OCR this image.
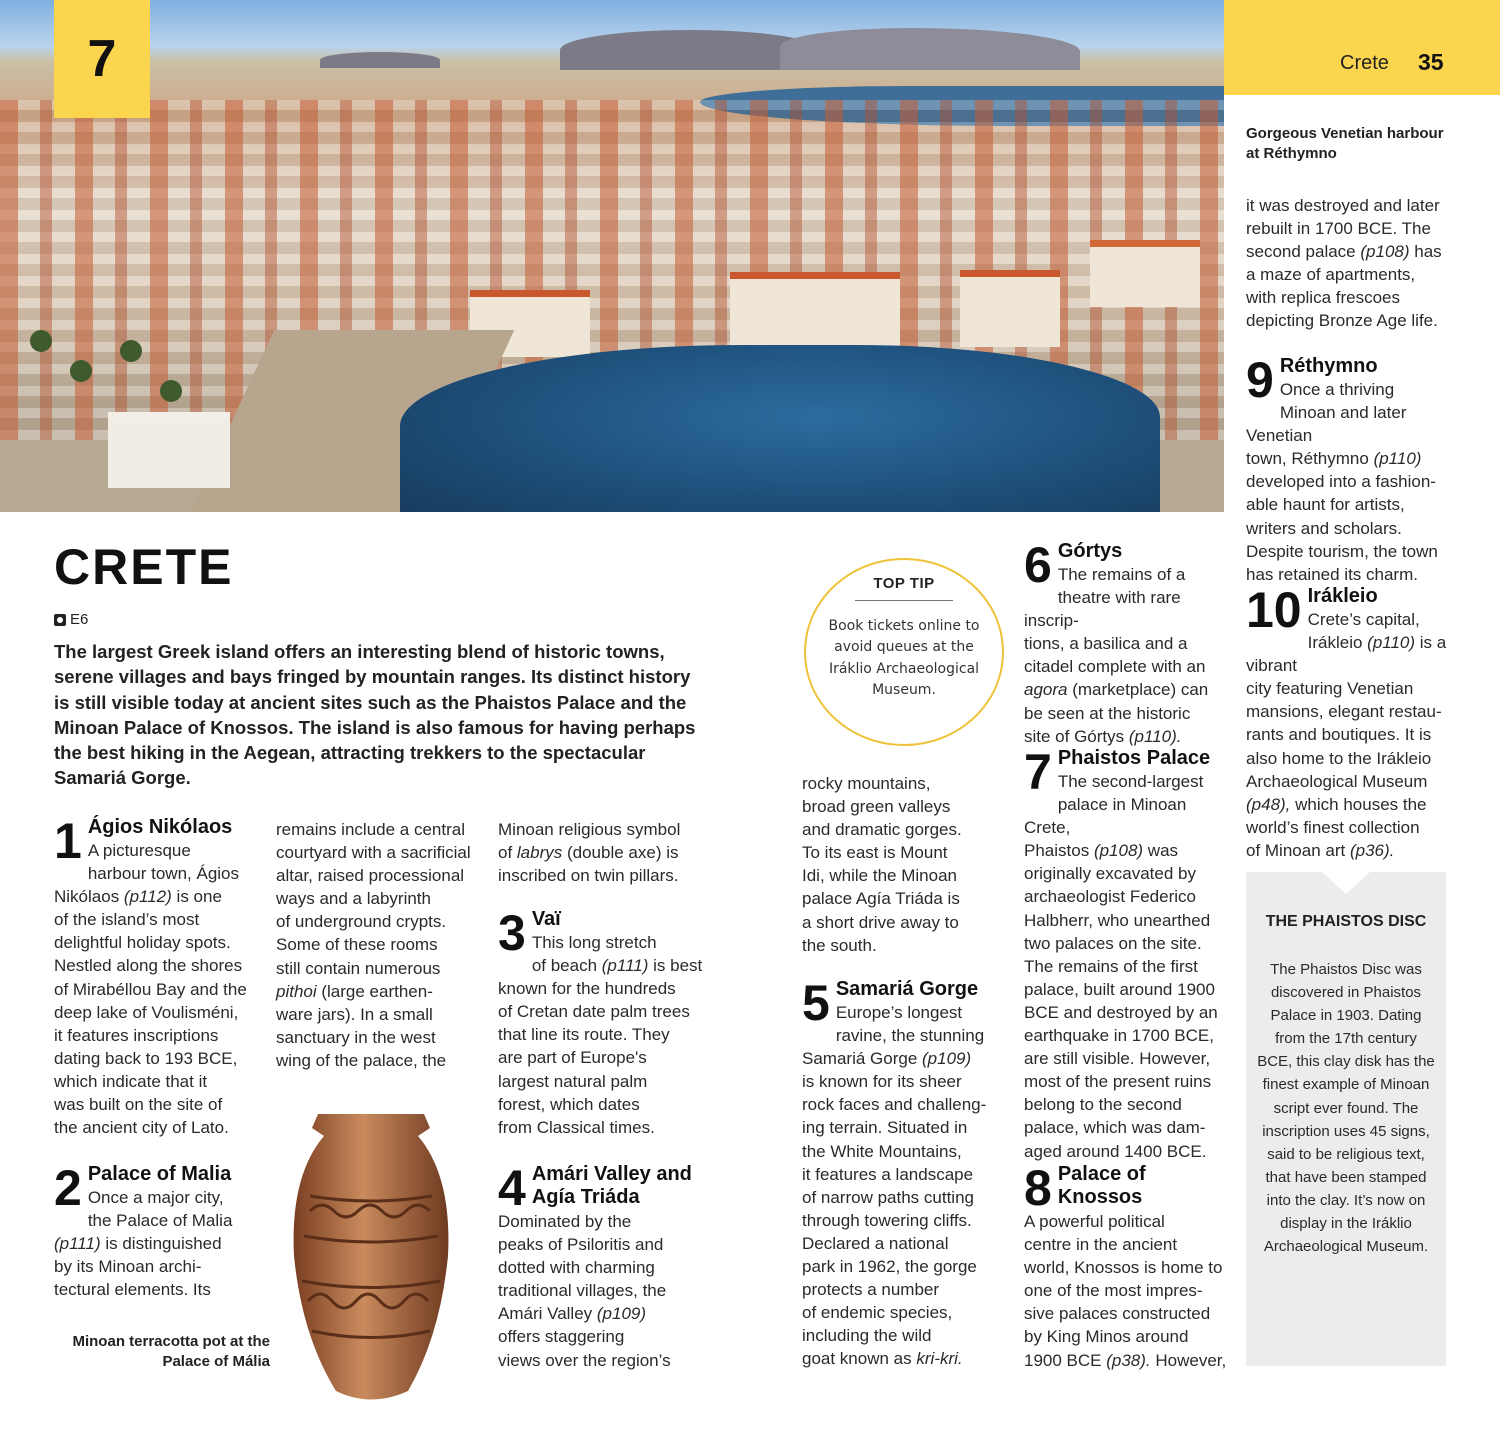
7	Crete 35
Gorgeous Venetian harbour at Réthymno
CRETE
E6
The largest Greek island offers an interesting blend of historic towns, serene villages and bays fringed by mountain ranges. Its distinct history is still visible today at ancient sites such as the Phaistos Palace and the Minoan Palace of Knossos. The island is also famous for having perhaps the best hiking in the Aegean, attracting trekkers to the spectacular Samariá Gorge.
1 Ágios Nikólaos
A picturesque
harbour town, Ágios
Nikólaos (p112) is one
of the island’s most
delightful holiday spots.
Nestled along the shores
of Mirabéllou Bay and the
deep lake of Voulisméni,
it features inscriptions
dating back to 193 BCE,
which indicate that it
was built on the site of
the ancient city of Lato.
2 Palace of Malia
Once a major city,
the Palace of Malia
(p111) is distinguished
by its Minoan archi-
tectural elements. Its
Minoan terracotta pot at the Palace of Mália
remains include a central
courtyard with a sacrificial
altar, raised processional
ways and a labyrinth
of underground crypts.
Some of these rooms
still contain numerous
pithoi (large earthen-
ware jars). In a small
sanctuary in the west
wing of the palace, the
Minoan religious symbol
of labrys (double axe) is
inscribed on twin pillars.
3 Vaï
This long stretch
of beach (p111) is best
known for the hundreds
of Cretan date palm trees
that line its route. They
are part of Europe's
largest natural palm
forest, which dates
from Classical times.
4 Amári Valley and Agía Triáda
Dominated by the
peaks of Psiloritis and
dotted with charming
traditional villages, the
Amári Valley (p109)
offers staggering
views over the region’s
TOP TIP
Book tickets online to avoid queues at the Iráklio Archaeological Museum.
rocky mountains,
broad green valleys
and dramatic gorges.
To its east is Mount
Idi, while the Minoan
palace Agía Triáda is
a short drive away to
the south.
5 Samariá Gorge
Europe’s longest
ravine, the stunning
Samariá Gorge (p109)
is known for its sheer
rock faces and challeng-
ing terrain. Situated in
the White Mountains,
it features a landscape
of narrow paths cutting
through towering cliffs.
Declared a national
park in 1962, the gorge
protects a number
of endemic species,
including the wild
goat known as kri-kri.
6 Górtys
The remains of a
theatre with rare inscrip-
tions, a basilica and a
citadel complete with an
agora (marketplace) can
be seen at the historic
site of Górtys (p110).
7 Phaistos Palace
The second-largest
palace in Minoan Crete,
Phaistos (p108) was
originally excavated by
archaeologist Federico
Halbherr, who unearthed
two palaces on the site.
The remains of the first
palace, built around 1900
BCE and destroyed by an
earthquake in 1700 BCE,
are still visible. However,
most of the present ruins
belong to the second
palace, which was dam-
aged around 1400 BCE.
8 Palace of Knossos
A powerful political
centre in the ancient
world, Knossos is home to
one of the most impres-
sive palaces constructed
by King Minos around
1900 BCE (p38). However,
it was destroyed and later
rebuilt in 1700 BCE. The
second palace (p108) has
a maze of apartments,
with replica frescoes
depicting Bronze Age life.
9 Réthymno
Once a thriving
Minoan and later Venetian
town, Réthymno (p110)
developed into a fashion-
able haunt for artists,
writers and scholars.
Despite tourism, the town
has retained its charm.
10 Iráklеio
Crete’s capital,
Iráklеio (p110) is a vibrant
city featuring Venetian
mansions, elegant restau-
rants and boutiques. It is
also home to the Iráklеio
Archaeological Museum
(p48), which houses the
world’s finest collection
of Minoan art (p36).
THE PHAISTOS DISC
The Phaistos Disc was discovered in Phaistos Palace in 1903. Dating from the 17th century BCE, this clay disk has the finest example of Minoan script ever found. The inscription uses 45 signs, said to be religious text, that have been stamped into the clay. It’s now on display in the Iráklio Archaeological Museum.
